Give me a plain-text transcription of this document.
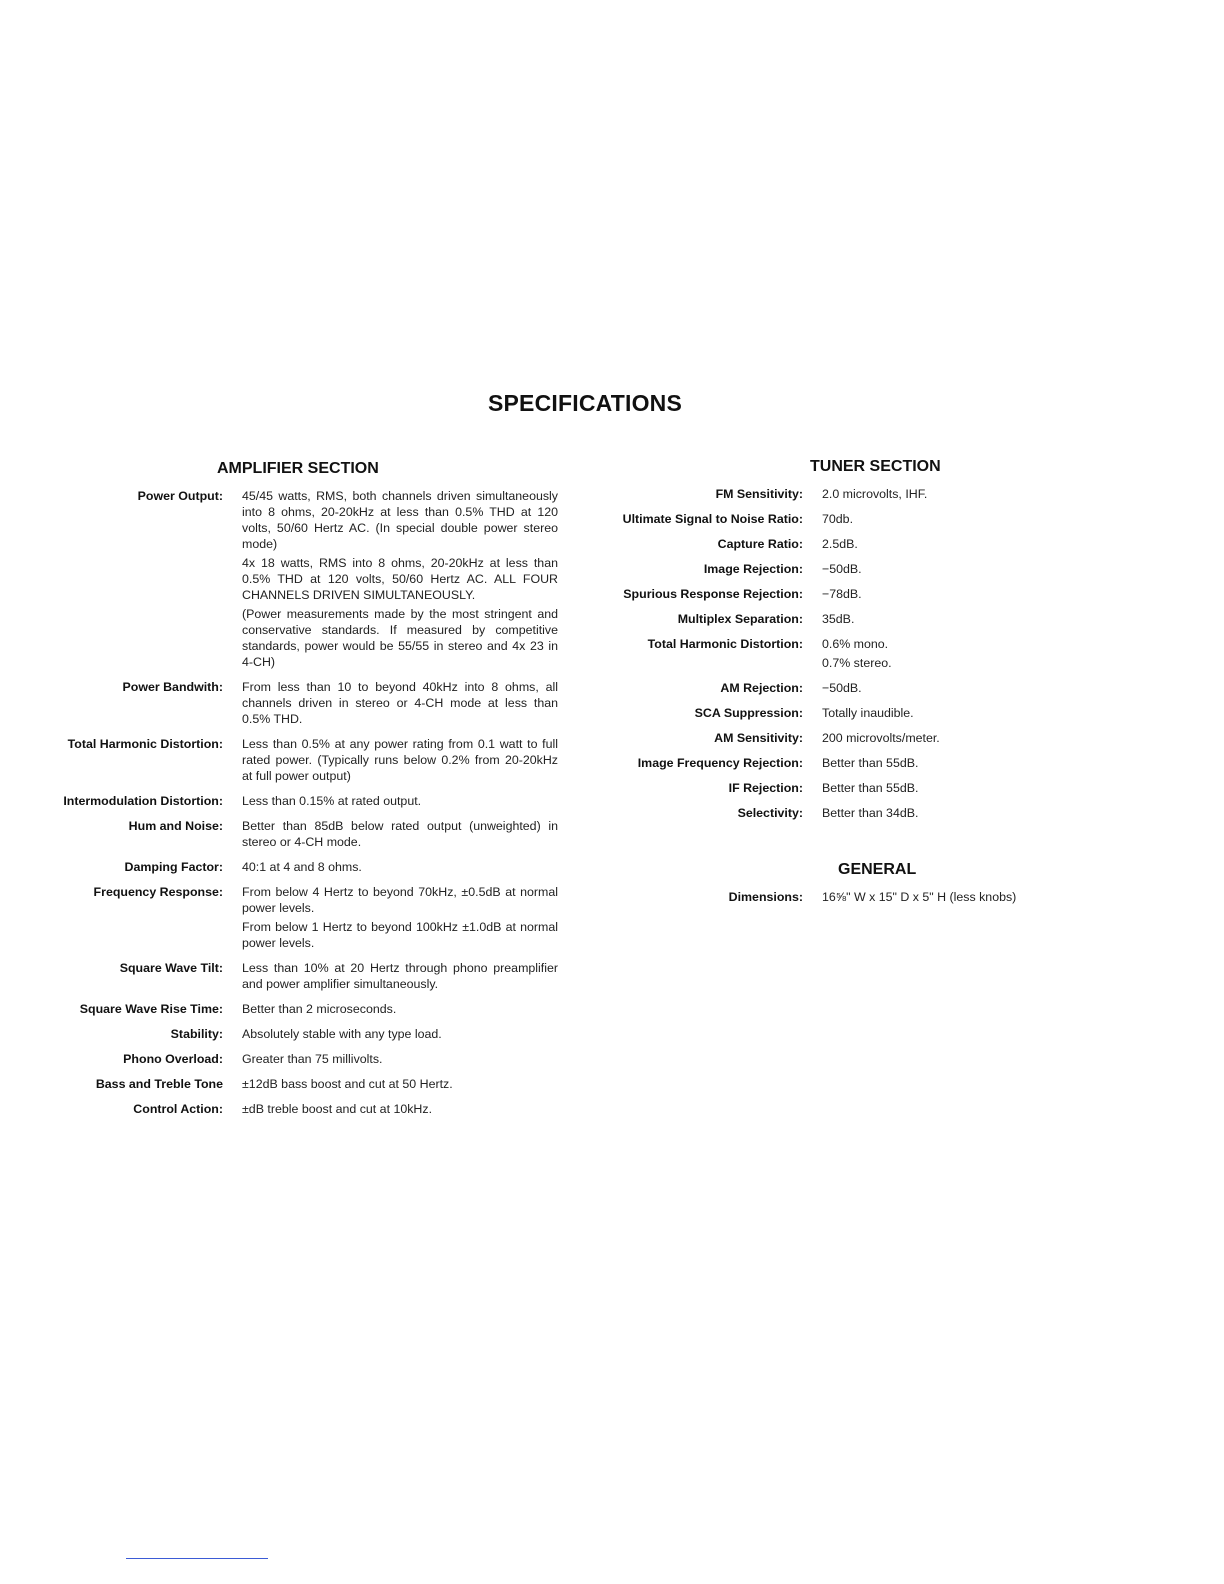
SPECIFICATIONS
AMPLIFIER SECTION
Power Output:	45/45 watts, RMS, both channels driven simultaneously into 8 ohms, 20-20kHz at less than 0.5% THD at 120 volts, 50/60 Hertz AC. (In special double power stereo mode)

4x 18 watts, RMS into 8 ohms, 20-20kHz at less than 0.5% THD at 120 volts, 50/60 Hertz AC. ALL FOUR CHANNELS DRIVEN SIMULTANEOUSLY.

(Power measurements made by the most stringent and conservative standards. If measured by competitive standards, power would be 55/55 in stereo and 4x 23 in 4-CH)

Power Bandwith:	From less than 10 to beyond 40kHz into 8 ohms, all channels driven in stereo or 4-CH mode at less than 0.5% THD.

Total Harmonic Distortion:	Less than 0.5% at any power rating from 0.1 watt to full rated power. (Typically runs below 0.2% from 20-20kHz at full power output)

Intermodulation Distortion:	Less than 0.15% at rated output.

Hum and Noise:	Better than 85dB below rated output (unweighted) in stereo or 4-CH mode.

Damping Factor:	40:1 at 4 and 8 ohms.

Frequency Response:	From below 4 Hertz to beyond 70kHz, ±0.5dB at normal power levels.

From below 1 Hertz to beyond 100kHz ±1.0dB at normal power levels.

Square Wave Tilt:	Less than 10% at 20 Hertz through phono preamplifier and power amplifier simultaneously.

Square Wave Rise Time:	Better than 2 microseconds.

Stability:	Absolutely stable with any type load.

Phono Overload:	Greater than 75 millivolts.

Bass and Treble Tone	±12dB bass boost and cut at 50 Hertz.

Control Action:	±dB treble boost and cut at 10kHz.

TUNER SECTION
FM Sensitivity:	2.0 microvolts, IHF.

Ultimate Signal to Noise Ratio:	70db.

Capture Ratio:	2.5dB.

Image Rejection:	−50dB.

Spurious Response Rejection:	−78dB.

Multiplex Separation:	35dB.

Total Harmonic Distortion:	0.6% mono.

0.7% stereo.

AM Rejection:	−50dB.

SCA Suppression:	Totally inaudible.

AM Sensitivity:	200 microvolts/meter.

Image Frequency Rejection:	Better than 55dB.

IF Rejection:	Better than 55dB.

Selectivity:	Better than 34dB.

GENERAL
Dimensions:	16⅝" W x 15" D x 5" H (less knobs)
